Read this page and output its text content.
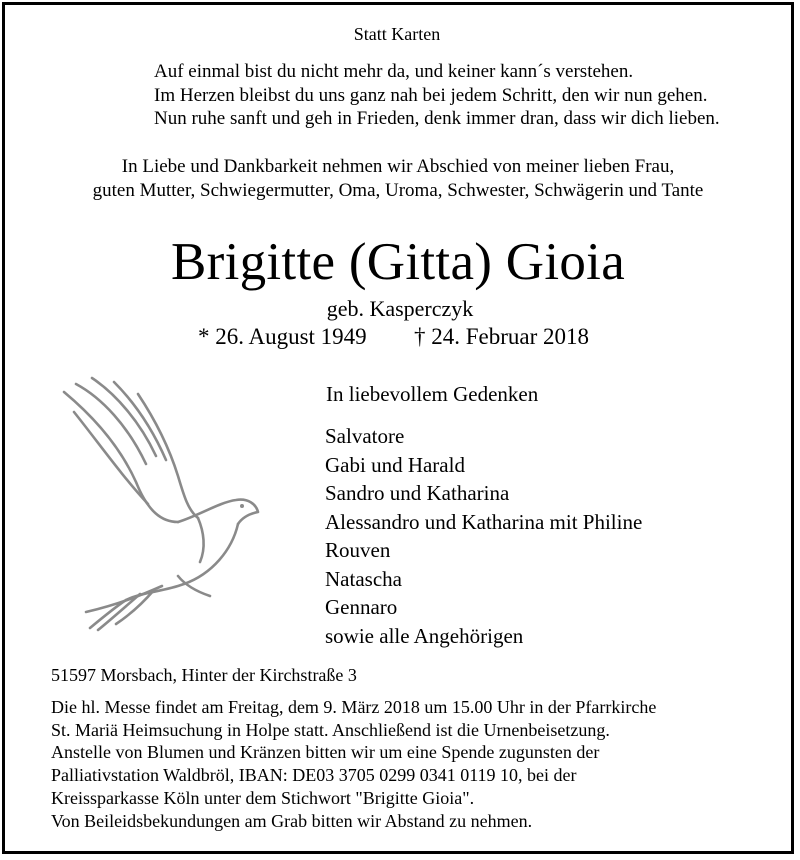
Statt Karten

Auf einmal bist du nicht mehr da, und keiner kann´s verstehen.
Im Herzen bleibst du uns ganz nah bei jedem Schritt, den wir nun gehen.
Nun ruhe sanft und geh in Frieden, denk immer dran, dass wir dich lieben.
In Liebe und Dankbarkeit nehmen wir Abschied von meiner lieben Frau,
guten Mutter, Schwiegermutter, Oma, Uroma, Schwester, Schwägerin und Tante

Brigitte (Gitta) Gioia

geb. Kasperczyk

* 26. August 1949 † 24. Februar 2018

In liebevollem Gedenken

Salvatore
Gabi und Harald
Sandro und Katharina
Alessandro und Katharina mit Philine
Rouven
Natascha
Gennaro
sowie alle Angehörigen

51597 Morsbach, Hinter der Kirchstraße 3

Die hl. Messe findet am Freitag, dem 9. März 2018 um 15.00 Uhr in der Pfarrkirche
St. Mariä Heimsuchung in Holpe statt. Anschließend ist die Urnenbeisetzung.
Anstelle von Blumen und Kränzen bitten wir um eine Spende zugunsten der
Palliativstation Waldbröl, IBAN: DE03 3705 0299 0341 0119 10, bei der
Kreissparkasse Köln unter dem Stichwort "Brigitte Gioia".
Von Beileidsbekundungen am Grab bitten wir Abstand zu nehmen.
